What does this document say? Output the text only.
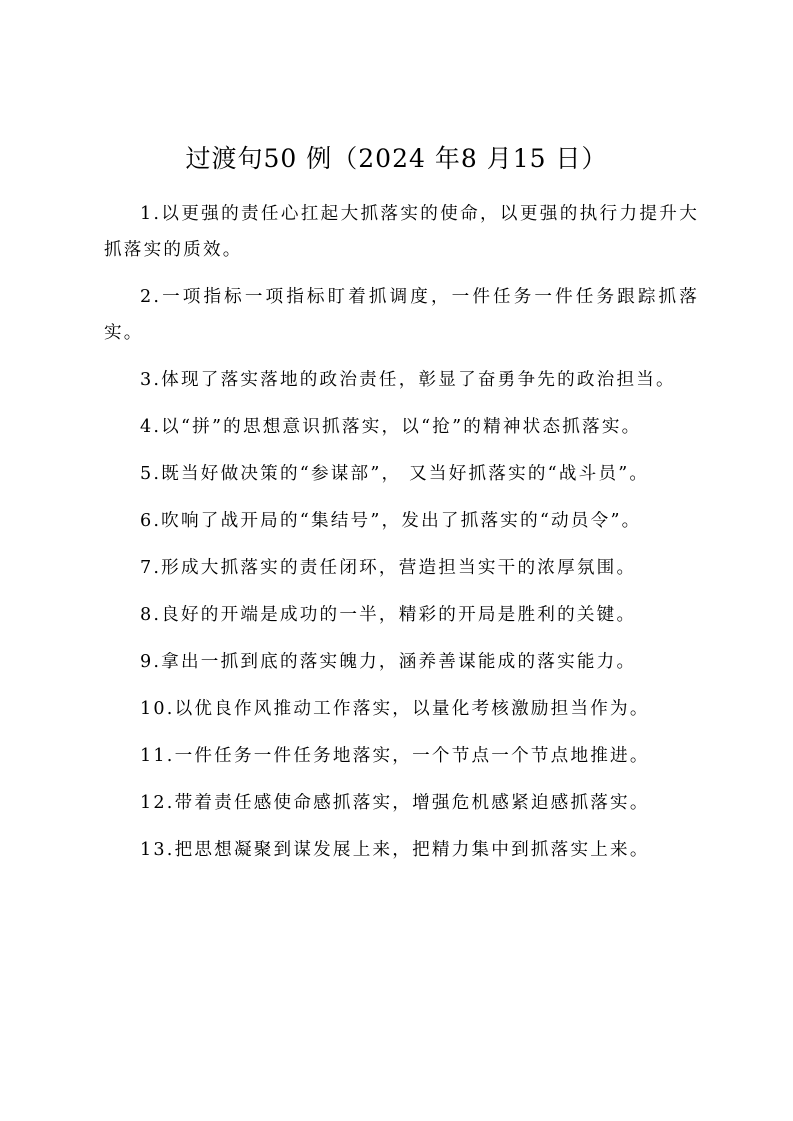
过渡句50 例（2024 年8 月15 日）
1.以更强的责任心扛起大抓落实的使命，以更强的执行力提升大抓落实的质效。
2.一项指标一项指标盯着抓调度，一件任务一件任务跟踪抓落实。
3.体现了落实落地的政治责任，彰显了奋勇争先的政治担当。
4.以“拼”的思想意识抓落实，以“抢”的精神状态抓落实。
5.既当好做决策的“参谋部”， 又当好抓落实的“战斗员”。
6.吹响了战开局的“集结号”，发出了抓落实的“动员令”。
7.形成大抓落实的责任闭环，营造担当实干的浓厚氛围。
8.良好的开端是成功的一半，精彩的开局是胜利的关键。
9.拿出一抓到底的落实魄力，涵养善谋能成的落实能力。
10.以优良作风推动工作落实，以量化考核激励担当作为。
11.一件任务一件任务地落实，一个节点一个节点地推进。
12.带着责任感使命感抓落实，增强危机感紧迫感抓落实。
13.把思想凝聚到谋发展上来，把精力集中到抓落实上来。
